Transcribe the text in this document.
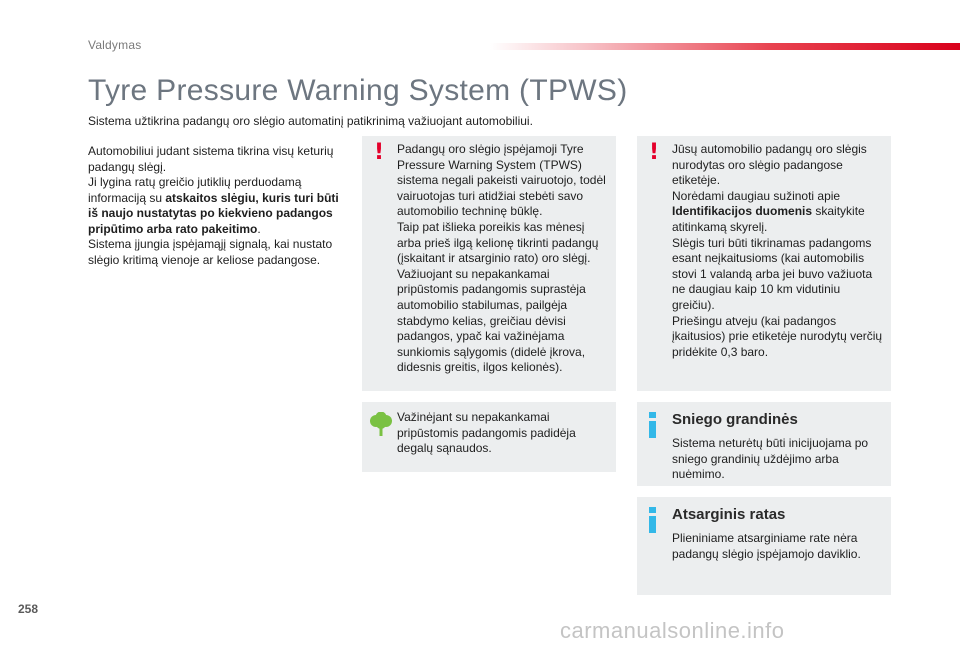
Valdymas
Tyre Pressure Warning System (TPWS)
Sistema užtikrina padangų oro slėgio automatinį patikrinimą važiuojant automobiliui.

Automobiliui judant sistema tikrina visų keturių padangų slėgį.

Ji lygina ratų greičio jutiklių perduodamą informaciją su atskaitos slėgiu, kuris turi būti iš naujo nustatytas po kiekvieno padangos pripūtimo arba rato pakeitimo.

Sistema įjungia įspėjamąjį signalą, kai nustato slėgio kritimą vienoje ar keliose padangose.

! Padangų oro slėgio įspėjamoji Tyre Pressure Warning System (TPWS) sistema negali pakeisti vairuotojo, todėl vairuotojas turi atidžiai stebėti savo automobilio techninę būklę.

Taip pat išlieka poreikis kas mėnesį arba prieš ilgą kelionę tikrinti padangų (įskaitant ir atsarginio rato) oro slėgį.

Važiuojant su nepakankamai pripūstomis padangomis suprastėja automobilio stabilumas, pailgėja stabdymo kelias, greičiau dėvisi padangos, ypač kai važinėjama sunkiomis sąlygomis (didelė įkrova, didesnis greitis, ilgos kelionės).

Važinėjant su nepakankamai pripūstomis padangomis padidėja degalų sąnaudos.

! Jūsų automobilio padangų oro slėgis nurodytas oro slėgio padangose etiketėje.

Norėdami daugiau sužinoti apie Identifikacijos duomenis skaitykite atitinkamą skyrelį.

Slėgis turi būti tikrinamas padangoms esant neįkaitusioms (kai automobilis stovi 1 valandą arba jei buvo važiuota ne daugiau kaip 10 km vidutiniu greičiu).

Priešingu atveju (kai padangos įkaitusios) prie etiketėje nurodytų verčių pridėkite 0,3 baro.

Sniego grandinės

Sistema neturėtų būti inicijuojama po sniego grandinių uždėjimo arba nuėmimo.

Atsarginis ratas

Plieniniame atsarginiame rate nėra padangų slėgio įspėjamojo daviklio.

258
carmanualsonline.info
